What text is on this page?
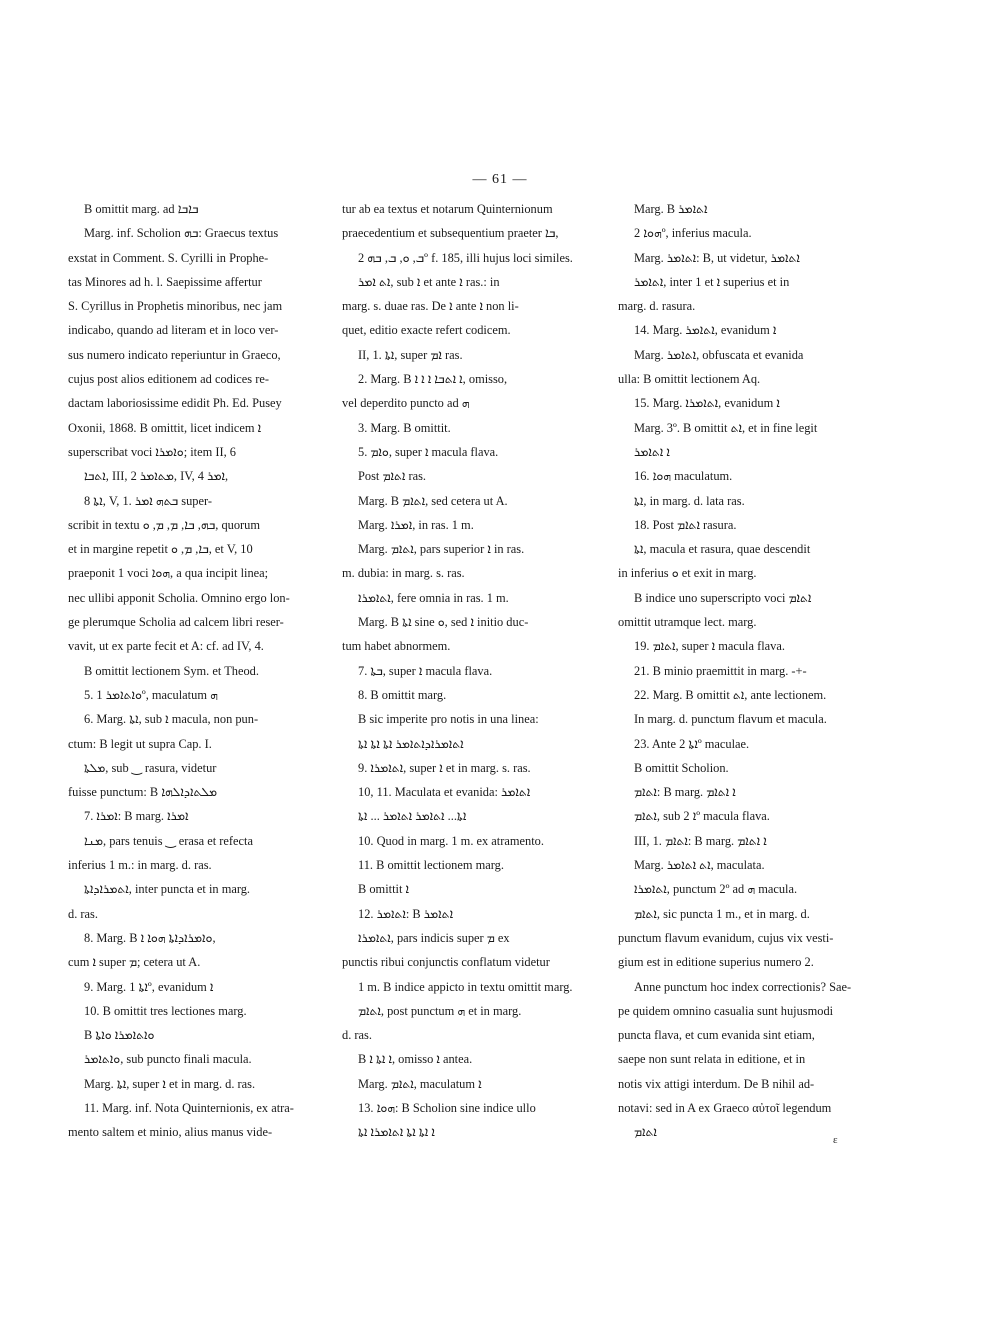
— 61 —

B omittit marg. ad ܒܐܒܐ

Marg. inf. Scholion ܒܗ: Graecus textus

exstat in Comment. S. Cyrilli in Prophe-

tas Minores ad h. l. Saepissime affertur

S. Cyrillus in Prophetis minoribus, nec jam

indicabo, quando ad literam et in loco ver-

sus numero indicato reperiuntur in Graeco,

cujus post alios editionem ad codices re-

dactam laboriosissime edidit Ph. Ed. Pusey

Oxonii, 1868. B omittit, licet indicem ܐ

superscribat voci ܘܐܡܪܐ; item II, 6

ܐܬܒܐ, III, 2 ܡܬܐܡܪ, IV, 4 ܐܡܪ,

8 ܐܬܐ, V, 1. ܒܬܗ ܐܡܪ super-

scribit in textu ܒܗ, ܒܐ, ܡ, ܡ, ܘ, quorum

et in margine repetit ܒܐ, ܡ, ܘ, et V, 10

praeponit 1 voci ܗܘܐ, a qua incipit linea;

nec ullibi apponit Scholia. Omnino ergo lon-

ge plerumque Scholia ad calcem libri reser-

vavit, ut ex parte fecit et A: cf. ad IV, 4.

B omittit lectionem Sym. et Theod.

5. ܘܐܬܐܡܪ 1º, maculatum ܗ

6. Marg. ܐܬܐ, sub ܐ macula, non pun-

ctum: B legit ut supra Cap. I.

ܡܠܬܐ, sub ‿ rasura, videtur

fuisse punctum: B ܡܠܬܐܕܐܠܗܐ

7. ܐܡܪܐ: B marg. ܐܡܪܐ

ܡܢܐ, pars tenuis ‿ erasa et refecta

inferius 1 m.: in marg. d. ras.

ܐܬܡܪܐܕܐܬܐ, inter puncta et in marg.

d. ras.

8. Marg. B ܘܐܡܪܐܕܐܬܐ ܗܘܐ ܐ,

cum ܐ super ܡ; cetera ut A.

9. Marg. ܐܬܐ 1º, evanidum ܐ

10. B omittit tres lectiones marg.

B ܘܐܬܐܡܪܐ ܘܐܬܐ

ܘܐܬܐܡܪ, sub puncto finali macula.

Marg. ܐܬܐ, super ܐ et in marg. d. ras.

11. Marg. inf. Nota Quinternionis, ex atra-

mento saltem et minio, alius manus vide-

tur ab ea textus et notarum Quinternionum

praecedentium et subsequentium praeter ܒܐ,

ܒ, ܘ, ܒ, ܒܗ 2º f. 185, illi hujus loci similes.

ܐܬ ܐܡܪ, sub ܐ et ante ܐ ras.: in

marg. s. duae ras. De ܐ ante ܐ non li-

quet, editio exacte refert codicem.

II, 1. ܐܬܐ, super ܐܡ ras.

2. Marg. B ܐ ܐܬܒܐ ܐ ܐ ܐ, omisso,

vel deperdito puncto ad ܗ

3. Marg. B omittit.

5. ܘܐܡ, super ܐ macula flava.

Post ܐܬܐܡ ras.

Marg. B ܐܬܐܡ, sed cetera ut A.

Marg. ܐܡܪܐ, in ras. 1 m.

Marg. ܐܬܐܡ, pars superior ܐ in ras.

m. dubia: in marg. s. ras.

ܐܬܐܡܪܐ, fere omnia in ras. 1 m.

Marg. B ܐܬܐ sine ܘ, sed ܐ initio duc-

tum habet abnormem.

7. ܒܬܐ, super ܐ macula flava.

8. B omittit marg.

B sic imperite pro notis in una linea:

ܐܬܐܡܪܐܕܐܬܐܡܪ ܐܬܐ ܐܬܐ ܐܬܐ

9. ܐܬܐܡܪܐ, super ܐ et in marg. s. ras.

10, 11. Maculata et evanida: ܐܬܐܡܪ

ܐܬܐ... ܐܬܐܡܪ ܐܬܐܡܪ ... ܐܬܐ

10. Quod in marg. 1 m. ex atramento.

11. B omittit lectionem marg.

B omittit ܐ

12. ܐܬܐܡܪ: B ܐܬܐܡܪ

ܐܬܐܡܪܐ, pars indicis super ܡ ex

punctis ribui conjunctis conflatum videtur

1 m. B indice appicto in textu omittit marg.

ܐܬܐܡ, post punctum ܗ et in marg.

d. ras.

B ܐ ܐܬܐ ܐ, omisso ܐ antea.

Marg. ܐܬܐܡ, maculatum ܐ

13. ܗܘܐ: B Scholion sine indice ullo

ܐ ܐܬܐ ܐܬܐ ܐܬܐܡܪܐ ܐܬܐ

Marg. B ܐܬܐܡܪ

ܗܘܐ 2º, inferius macula.

Marg. ܐܬܐܡܪ: B, ut videtur, ܐܬܐܡܪ

ܐܬܐܡܪ, inter 1 et ܐ superius et in

marg. d. rasura.

14. Marg. ܐܬܐܡܪ, evanidum ܐ

Marg. ܐܬܐܡܪ, obfuscata et evanida

ulla: B omittit lectionem Aq.

15. Marg. ܐܬܐܡܪܐ, evanidum ܐ

Marg. 3º. B omittit ܐܬ, et in fine legit

ܐ ܐܬܐܡܪ

16. ܗܘܐ maculatum.

ܐܬܐ, in marg. d. lata ras.

18. Post ܐܬܐܡ rasura.

ܐܬܐ, macula et rasura, quae descendit

in inferius ܘ et exit in marg.

B indice uno superscripto voci ܐܬܐܡ

omittit utramque lect. marg.

19. ܐܬܐܡ, super ܐ macula flava.

21. B minio praemittit in marg. -+-

22. Marg. B omittit ܐܬ, ante lectionem.

In marg. d. punctum flavum et macula.

23. Ante ܐܬܐ 2º maculae.

B omittit Scholion.

ܐܬܐܡ: B marg. ܐ ܐܬܐܡ

ܐܬܐܡ, sub ܐ 2º macula flava.

III, 1. ܐܬܐܡ: B marg. ܐ ܐܬܐܡ

Marg. ܐܬ ܐܬܐܡܪ, maculata.

ܐܬܐܡܪܐ, punctum 2º ad ܗ macula.

ܐܬܐܡ, sic puncta 1 m., et in marg. d.

punctum flavum evanidum, cujus vix vesti-

gium est in editione superius numero 2.

Anne punctum hoc index correctionis? Sae-

pe quidem omnino casualia sunt hujusmodi

puncta flava, et cum evanida sint etiam,

saepe non sunt relata in editione, et in

notis vix attigi interdum. De B nihil ad-

notavi: sed in A ex Graeco αὐτοῖ legendum

ܐܬܐܡ

ε
